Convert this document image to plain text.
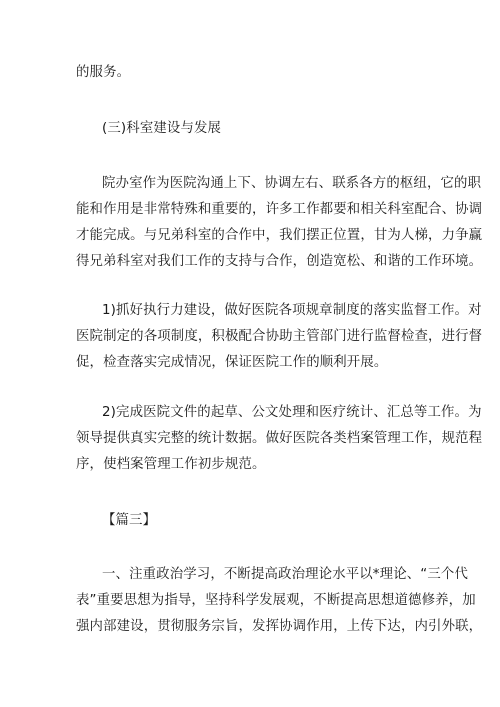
的服务。
(三)科室建设与发展
院办室作为医院沟通上下、协调左右、联系各方的枢纽，它的职
能和作用是非常特殊和重要的，许多工作都要和相关科室配合、协调
才能完成。与兄弟科室的合作中，我们摆正位置，甘为人梯，力争赢
得兄弟科室对我们工作的支持与合作，创造宽松、和谐的工作环境。
1)抓好执行力建设，做好医院各项规章制度的落实监督工作。对
医院制定的各项制度，积极配合协助主管部门进行监督检查，进行督
促，检查落实完成情况，保证医院工作的顺利开展。
2)完成医院文件的起草、公文处理和医疗统计、汇总等工作。为
领导提供真实完整的统计数据。做好医院各类档案管理工作，规范程
序，使档案管理工作初步规范。
【篇三】
一、注重政治学习，不断提高政治理论水平以*理论、“三个代
表”重要思想为指导，坚持科学发展观，不断提高思想道德修养，加
强内部建设，贯彻服务宗旨，发挥协调作用，上传下达，内引外联，
